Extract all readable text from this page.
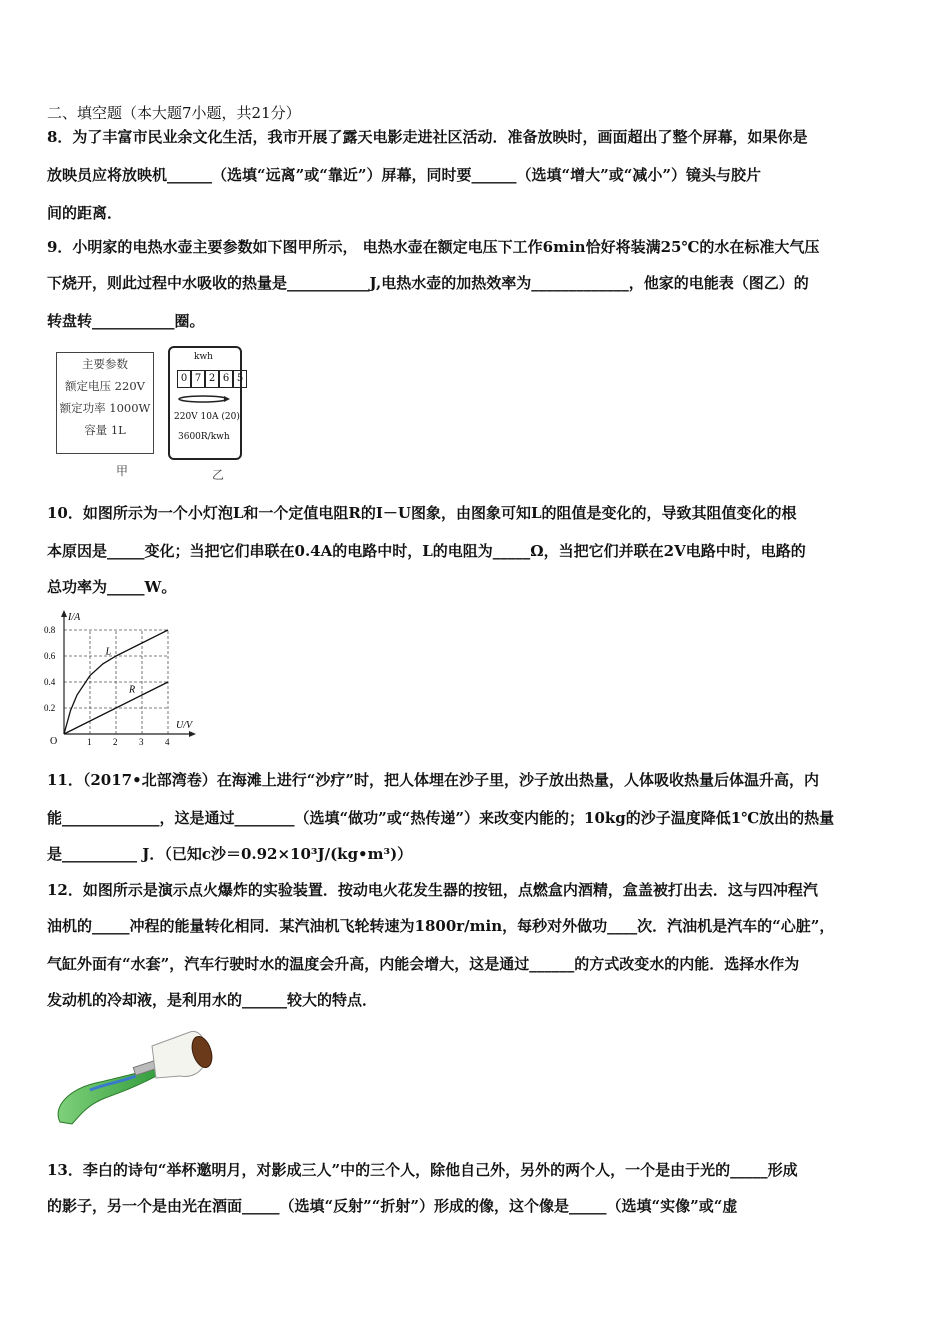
二、填空题（本大题7小题，共21分）
8．为了丰富市民业余文化生活，我市开展了露天电影走进社区活动．准备放映时，画面超出了整个屏幕，如果你是
放映员应将放映机______（选填“远离”或“靠近”）屏幕，同时要______（选填“增大”或“减小”）镜头与胶片
间的距离．
9．小明家的电热水壶主要参数如下图甲所示， 电热水壶在额定电压下工作6min恰好将装满25℃的水在标准大气压
下烧开，则此过程中水吸收的热量是___________J,电热水壶的加热效率为_____________，他家的电能表（图乙）的
转盘转___________圈。
主要参数
额定电压 220V
额定功率 1000W
容量 1L
甲
kwh
0 7 2 6 5
220V 10A (20)
3600R/kwh
乙
10．如图所示为一个小灯泡L和一个定值电阻R的I－U图象，由图象可知L的阻值是变化的，导致其阻值变化的根
本原因是_____变化；当把它们串联在0.4A的电路中时，L的电阻为_____Ω，当把它们并联在2V电路中时，电路的
总功率为_____W。
1 2 3 4
0.2
0.4
0.6
0.8
L
R
I/A
U/V
O
11．（2017•北部湾卷）在海滩上进行“沙疗”时，把人体埋在沙子里，沙子放出热量，人体吸收热量后体温升高，内
能_____________，这是通过________（选填“做功”或“热传递”）来改变内能的；10kg的沙子温度降低1℃放出的热量
是__________ J．（已知c沙＝0.92×10³J/(kg•m³)）
12．如图所示是演示点火爆炸的实验装置．按动电火花发生器的按钮，点燃盒内酒精，盒盖被打出去．这与四冲程汽
油机的_____冲程的能量转化相同．某汽油机飞轮转速为1800r/min，每秒对外做功____次．汽油机是汽车的“心脏”，
气缸外面有“水套”，汽车行驶时水的温度会升高，内能会增大，这是通过______的方式改变水的内能．选择水作为
发动机的冷却液，是利用水的______较大的特点．
13．李白的诗句“举杯邀明月，对影成三人”中的三个人，除他自己外，另外的两个人，一个是由于光的_____形成
的影子，另一个是由光在酒面_____（选填“反射”“折射”）形成的像，这个像是_____（选填“实像”或“虚
